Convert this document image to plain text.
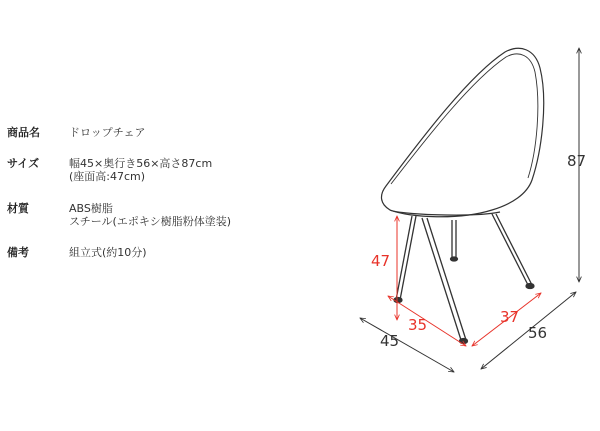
商品名	ドロップチェア
サイズ	幅45×奥行き56×高さ87cm
(座面高:47cm)
材質	ABS樹脂
スチール(エポキシ樹脂粉体塗装)
備考	組立式(約10分)
87
47
35	37
45	56
